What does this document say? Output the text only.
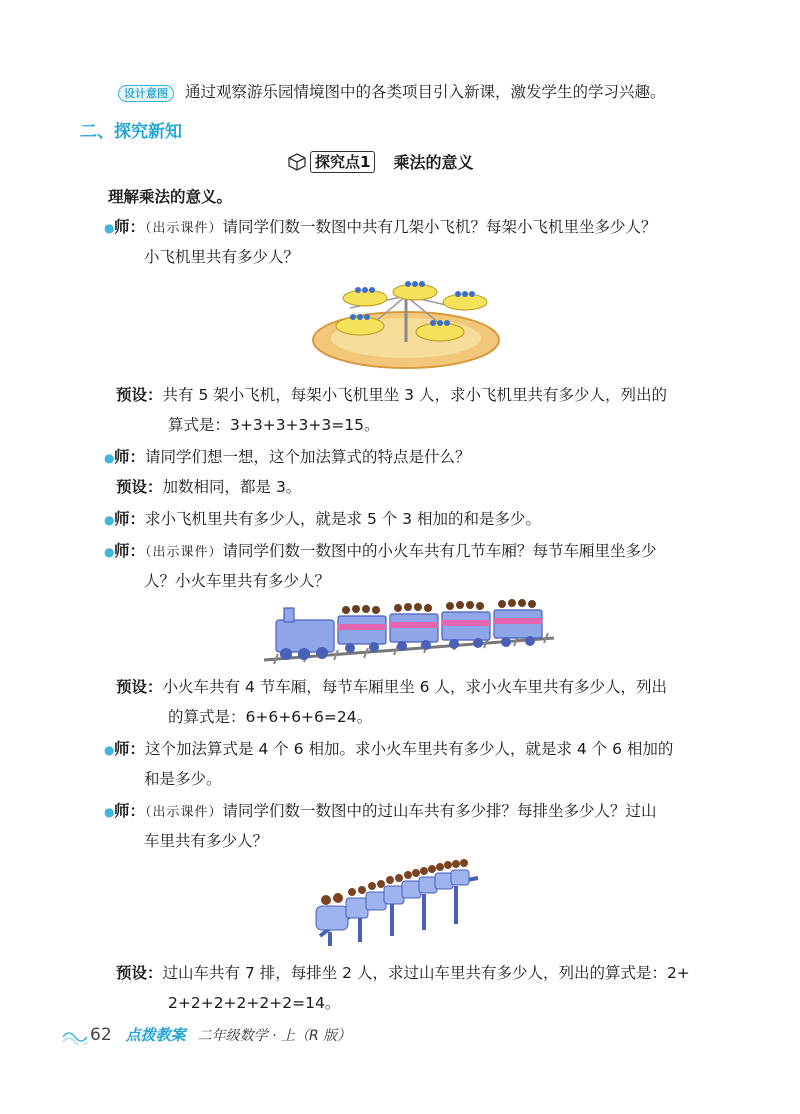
设计意图 通过观察游乐园情境图中的各类项目引入新课，激发学生的学习兴趣。
二、探究新知
探究点1	乘法的意义
理解乘法的意义。
●师：（出示课件）请同学们数一数图中共有几架小飞机？每架小飞机里坐多少人？
小飞机里共有多少人？
预设：共有 5 架小飞机，每架小飞机里坐 3 人，求小飞机里共有多少人，列出的
算式是：3+3+3+3+3=15。
●师：请同学们想一想，这个加法算式的特点是什么？
预设：加数相同，都是 3。
●师：求小飞机里共有多少人，就是求 5 个 3 相加的和是多少。
●师：（出示课件）请同学们数一数图中的小火车共有几节车厢？每节车厢里坐多少
人？小火车里共有多少人？
预设：小火车共有 4 节车厢，每节车厢里坐 6 人，求小火车里共有多少人，列出
的算式是：6+6+6+6=24。
●师：这个加法算式是 4 个 6 相加。求小火车里共有多少人，就是求 4 个 6 相加的
和是多少。
●师：（出示课件）请同学们数一数图中的过山车共有多少排？每排坐多少人？过山
车里共有多少人？
预设：过山车共有 7 排，每排坐 2 人，求过山车里共有多少人，列出的算式是：2+
2+2+2+2+2+2=14。
62 点拨教案 二年级数学 · 上（R 版）
